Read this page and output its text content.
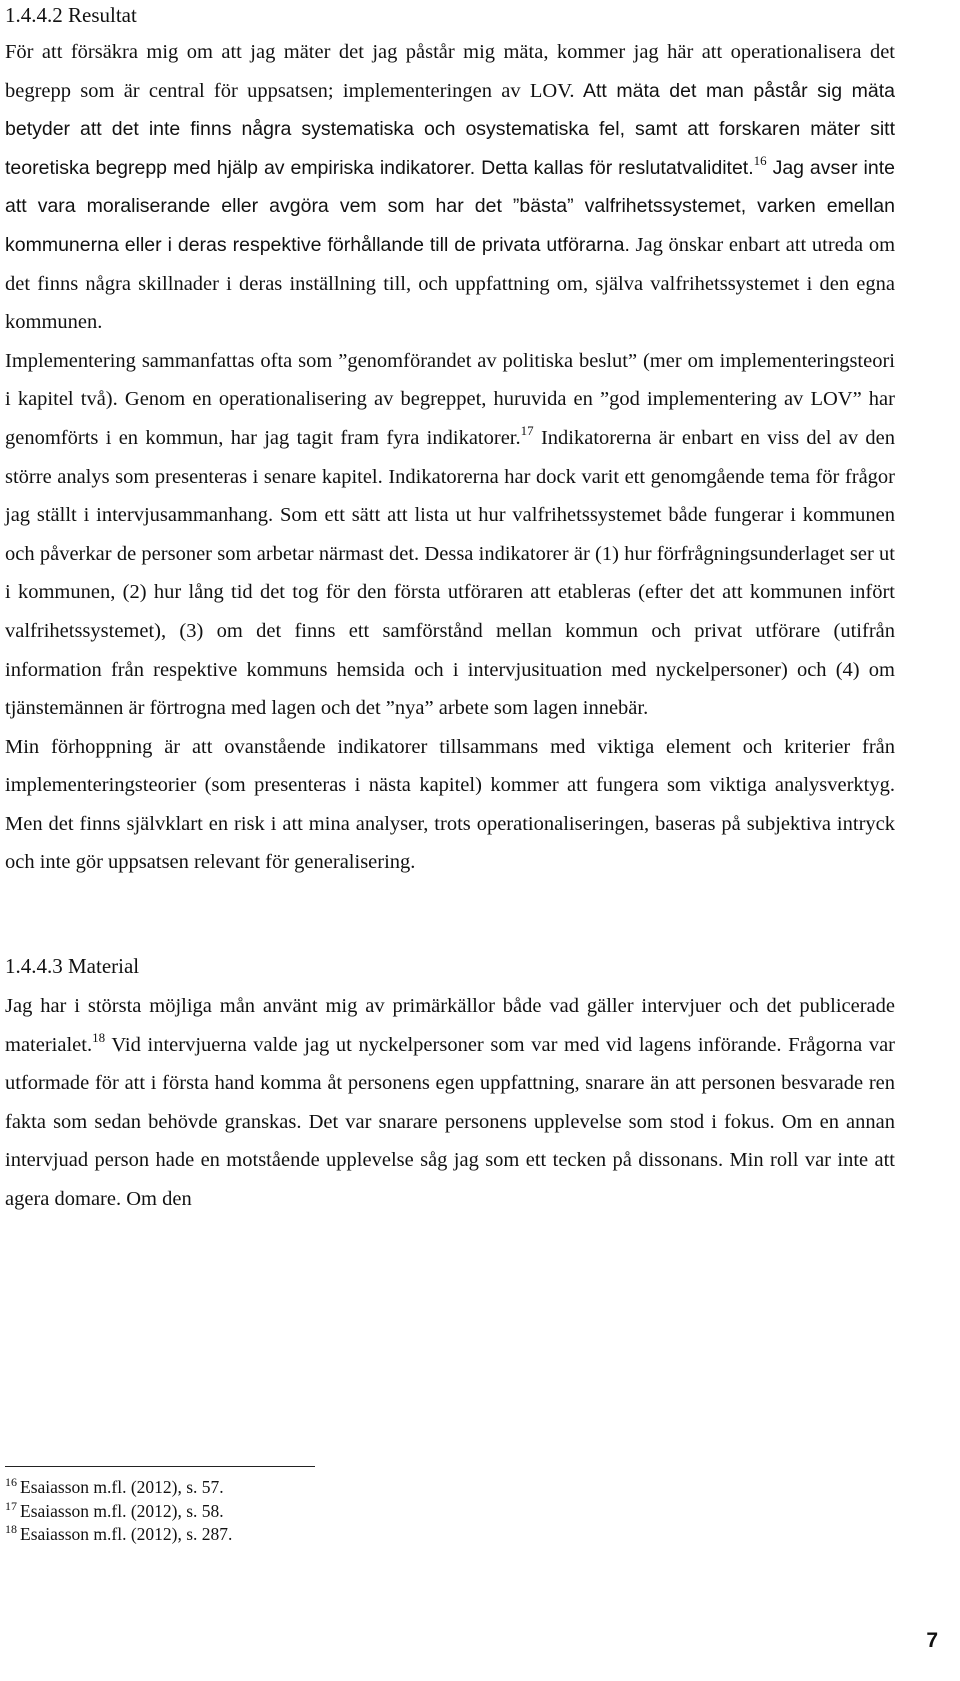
1.4.4.2 Resultat

För att försäkra mig om att jag mäter det jag påstår mig mäta, kommer jag här att operationalisera det begrepp som är central för uppsatsen; implementeringen av LOV. Att mäta det man påstår sig mäta betyder att det inte finns några systematiska och osystematiska fel, samt att forskaren mäter sitt teoretiska begrepp med hjälp av empiriska indikatorer. Detta kallas för reslutatvaliditet.$^{16}$ Jag avser inte att vara moraliserande eller avgöra vem som har det ”bästa” valfrihetssystemet, varken emellan kommunerna eller i deras respektive förhållande till de privata utförarna. Jag önskar enbart att utreda om det finns några skillnader i deras inställning till, och uppfattning om, själva valfrihetssystemet i den egna kommunen.

Implementering sammanfattas ofta som ”genomförandet av politiska beslut” (mer om implementeringsteori i kapitel två). Genom en operationalisering av begreppet, huruvida en ”god implementering av LOV” har genomförts i en kommun, har jag tagit fram fyra indikatorer.$^{17}$ Indikatorerna är enbart en viss del av den större analys som presenteras i senare kapitel. Indikatorerna har dock varit ett genomgående tema för frågor jag ställt i intervjusammanhang. Som ett sätt att lista ut hur valfrihetssystemet både fungerar i kommunen och påverkar de personer som arbetar närmast det. Dessa indikatorer är (1) hur förfrågningsunderlaget ser ut i kommunen, (2) hur lång tid det tog för den första utföraren att etableras (efter det att kommunen infört valfrihetssystemet), (3) om det finns ett samförstånd mellan kommun och privat utförare (utifrån information från respektive kommuns hemsida och i intervjusituation med nyckelpersoner) och (4) om tjänstemännen är förtrogna med lagen och det ”nya” arbete som lagen innebär.

Min förhoppning är att ovanstående indikatorer tillsammans med viktiga element och kriterier från implementeringsteorier (som presenteras i nästa kapitel) kommer att fungera som viktiga analysverktyg. Men det finns självklart en risk i att mina analyser, trots operationaliseringen, baseras på subjektiva intryck och inte gör uppsatsen relevant för generalisering.

1.4.4.3 Material

Jag har i största möjliga mån använt mig av primärkällor både vad gäller intervjuer och det publicerade materialet.$^{18}$ Vid intervjuerna valde jag ut nyckelpersoner som var med vid lagens införande. Frågorna var utformade för att i första hand komma åt personens egen uppfattning, snarare än att personen besvarade ren fakta som sedan behövde granskas. Det var snarare personens upplevelse som stod i fokus. Om en annan intervjuad person hade en motstående upplevelse såg jag som ett tecken på dissonans. Min roll var inte att agera domare. Om den

$^{16}$ Esaiasson m.fl. (2012), s. 57.

$^{17}$ Esaiasson m.fl. (2012), s. 58.

$^{18}$ Esaiasson m.fl. (2012), s. 287.

7
